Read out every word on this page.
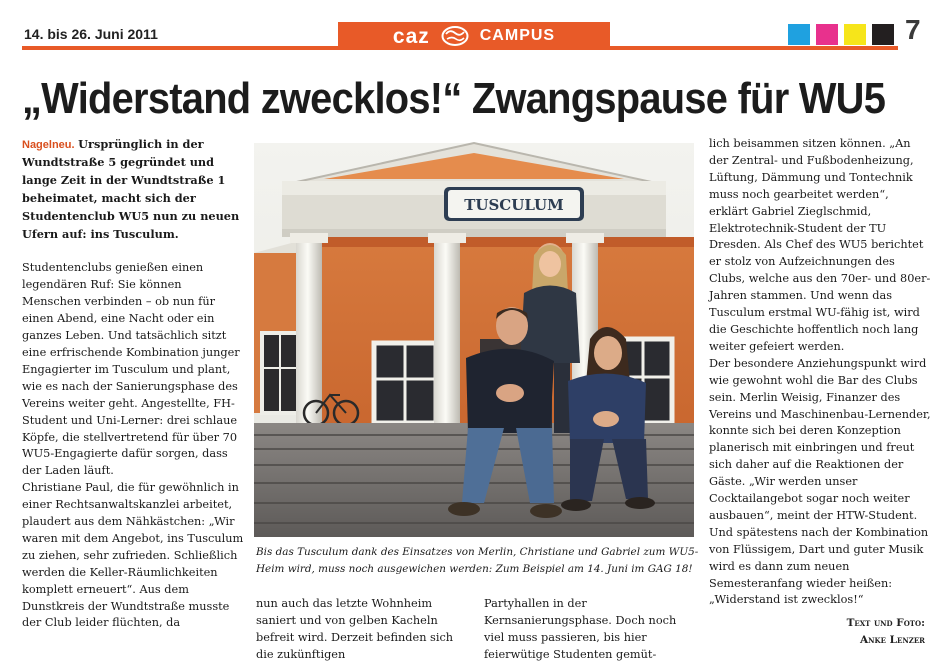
14. bis 26. Juni 2011	caz	CAMPUS	7
„Widerstand zwecklos!“ Zwangspause für WU5

Nagelneu. Ursprünglich in der Wundtstraße 5 gegründet und lange Zeit in der Wundtstraße 1 beheimatet, macht sich der Studentenclub WU5 nun zu neuen Ufern auf: ins Tusculum.

Studentenclubs genießen einen legendären Ruf: Sie können Menschen verbinden – ob nun für einen Abend, eine Nacht oder ein ganzes Leben. Und tatsächlich sitzt eine erfrischende Kombination junger Engagierter im Tusculum und plant, wie es nach der Sanierungsphase des Vereins weiter geht. Angestellte, FH-Student und Uni-Lerner: drei schlaue Köpfe, die stellvertretend für über 70 WU5-Engagierte dafür sorgen, dass der Laden läuft.

Christiane Paul, die für gewöhnlich in einer Rechtsanwaltskanzlei arbeitet, plaudert aus dem Nähkästchen: „Wir waren mit dem Angebot, ins Tusculum zu ziehen, sehr zufrieden. Schließlich werden die Keller-Räumlichkeiten komplett erneuert“. Aus dem Dunstkreis der Wundtstraße musste der Club leider flüchten, da

TUSCULUM
Bis das Tusculum dank des Einsatzes von Merlin, Christiane und Gabriel zum WU5-Heim wird, muss noch ausgewichen werden: Zum Beispiel am 14. Juni im GAG 18!

nun auch das letzte Wohnheim saniert und von gelben Kacheln befreit wird. Derzeit befinden sich die zukünftigen

Partyhallen in der Kernsanierungsphase. Doch noch viel muss passieren, bis hier feierwütige Studenten gemüt-

lich beisammen sitzen können. „An der Zentral- und Fußbodenheizung, Lüftung, Dämmung und Tontechnik muss noch gearbeitet werden“, erklärt Gabriel Zieglschmid, Elektrotechnik-Student der TU Dresden. Als Chef des WU5 berichtet er stolz von Aufzeichnungen des Clubs, welche aus den 70er- und 80er-Jahren stammen. Und wenn das Tusculum erstmal WU-fähig ist, wird die Geschichte hoffentlich noch lang weiter gefeiert werden.

Der besondere Anziehungspunkt wird wie gewohnt wohl die Bar des Clubs sein. Merlin Weisig, Finanzer des Vereins und Maschinenbau-Lernender, konnte sich bei deren Konzeption planerisch mit einbringen und freut sich daher auf die Reaktionen der Gäste. „Wir werden unser Cocktailangebot sogar noch weiter ausbauen“, meint der HTW-Student. Und spätestens nach der Kombination von Flüssigem, Dart und guter Musik wird es dann zum neuen Semesteranfang wieder heißen: „Widerstand ist zwecklos!“

Text und Foto:
Anke Lenzer
